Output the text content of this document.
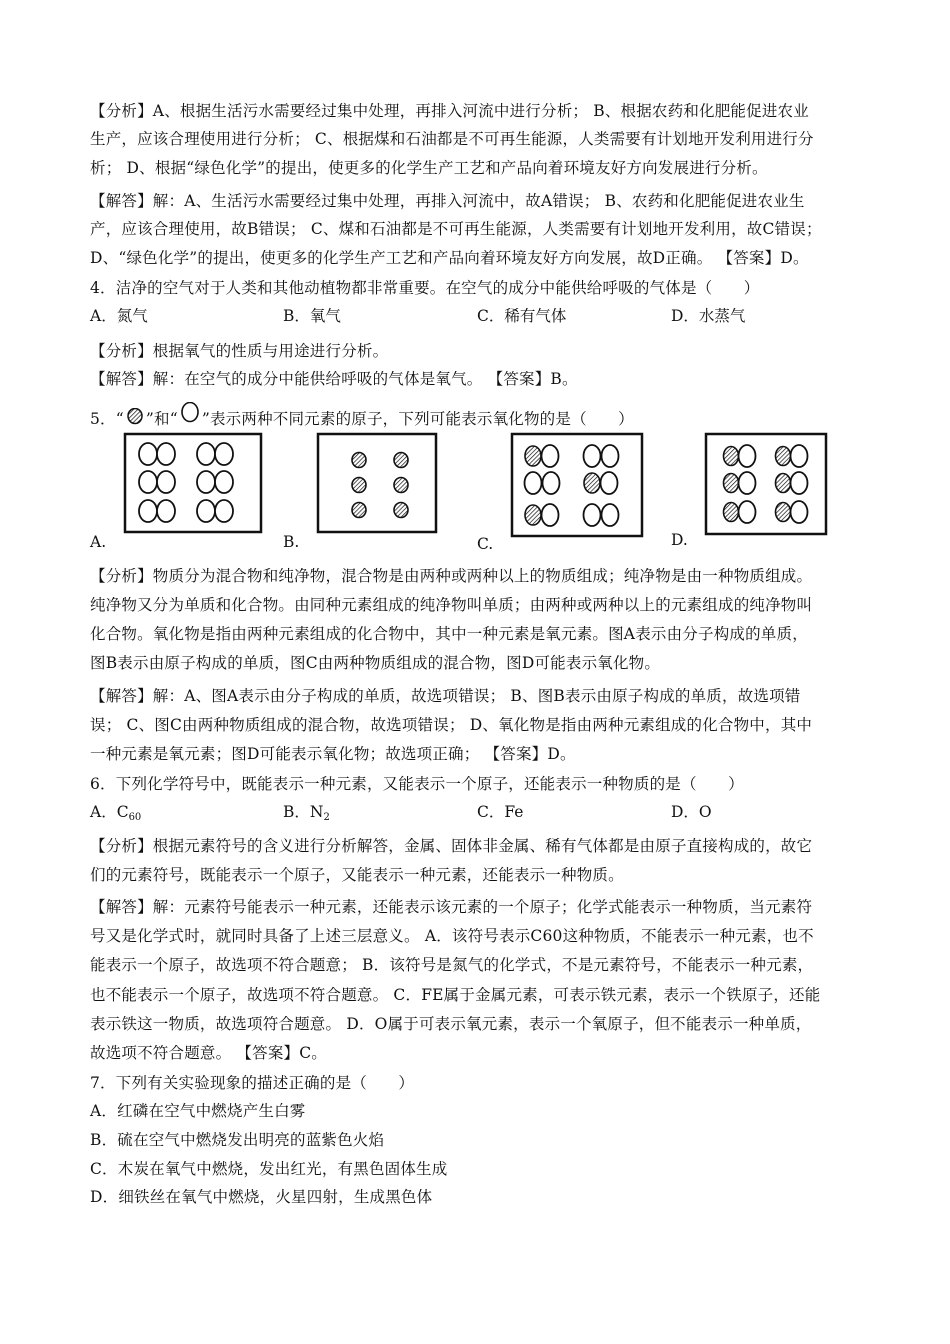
【分析】A、根据生活污水需要经过集中处理，再排入河流中进行分析； B、根据农药和化肥能促进农业
生产，应该合理使用进行分析； C、根据煤和石油都是不可再生能源，人类需要有计划地开发利用进行分
析； D、根据“绿色化学”的提出，使更多的化学生产工艺和产品向着环境友好方向发展进行分析。
【解答】解：A、生活污水需要经过集中处理，再排入河流中，故A错误； B、农药和化肥能促进农业生
产，应该合理使用，故B错误； C、煤和石油都是不可再生能源，人类需要有计划地开发利用，故C错误；
D、“绿色化学”的提出，使更多的化学生产工艺和产品向着环境友好方向发展，故D正确。 【答案】D。
4．洁净的空气对于人类和其他动植物都非常重要。在空气的成分中能供给呼吸的气体是（　　）
A．氮气	B．氧气	C．稀有气体	D．水蒸气
【分析】根据氧气的性质与用途进行分析。
【解答】解：在空气的成分中能供给呼吸的气体是氧气。 【答案】B。
5．“ ”和“ ”表示两种不同元素的原子，下列可能表示氧化物的是（　　）
A.	B.	C.	D.
【分析】物质分为混合物和纯净物，混合物是由两种或两种以上的物质组成；纯净物是由一种物质组成。
纯净物又分为单质和化合物。由同种元素组成的纯净物叫单质；由两种或两种以上的元素组成的纯净物叫
化合物。氧化物是指由两种元素组成的化合物中，其中一种元素是氧元素。图A表示由分子构成的单质，
图B表示由原子构成的单质，图C由两种物质组成的混合物，图D可能表示氧化物。
【解答】解：A、图A表示由分子构成的单质，故选项错误； B、图B表示由原子构成的单质，故选项错
误； C、图C由两种物质组成的混合物，故选项错误； D、氧化物是指由两种元素组成的化合物中，其中
一种元素是氧元素；图D可能表示氧化物；故选项正确； 【答案】D。
6．下列化学符号中，既能表示一种元素，又能表示一个原子，还能表示一种物质的是（　　）
A．$C_{60}$	B．$N_2$	C．Fe	D．O
【分析】根据元素符号的含义进行分析解答，金属、固体非金属、稀有气体都是由原子直接构成的，故它
们的元素符号，既能表示一个原子，又能表示一种元素，还能表示一种物质。
【解答】解：元素符号能表示一种元素，还能表示该元素的一个原子；化学式能表示一种物质，当元素符
号又是化学式时，就同时具备了上述三层意义。 A．该符号表示C60这种物质，不能表示一种元素，也不
能表示一个原子，故选项不符合题意； B．该符号是氮气的化学式，不是元素符号，不能表示一种元素，
也不能表示一个原子，故选项不符合题意。 C．FE属于金属元素，可表示铁元素，表示一个铁原子，还能
表示铁这一物质，故选项符合题意。 D．O属于可表示氧元素，表示一个氧原子，但不能表示一种单质，
故选项不符合题意。 【答案】C。
7．下列有关实验现象的描述正确的是（　　）
A．红磷在空气中燃烧产生白雾
B．硫在空气中燃烧发出明亮的蓝紫色火焰
C．木炭在氧气中燃烧，发出红光，有黑色固体生成
D．细铁丝在氧气中燃烧，火星四射，生成黑色体
